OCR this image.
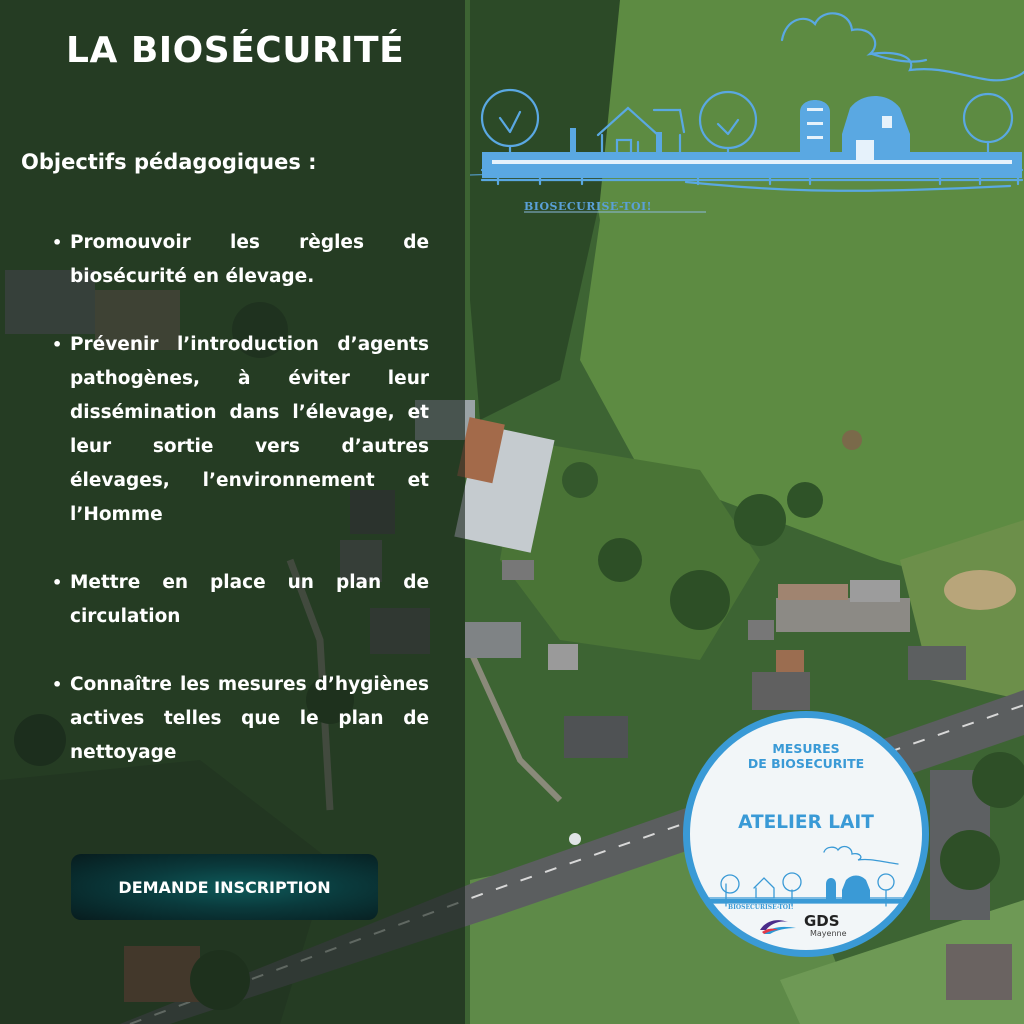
LA BIOSÉCURITÉ
Objectifs pédagogiques :
• Promouvoir les règles de biosécurité en élevage.
• Prévenir l’introduction d’agents pathogènes, à éviter leur dissémination dans l’élevage, et leur sortie vers d’autres élevages, l’environnement et l’Homme
• Mettre en place un plan de circulation
• Connaître les mesures d’hygiènes actives telles que le plan de nettoyage
DEMANDE INSCRIPTION
BIOSECURISE-TOI!
MESURES
DE BIOSECURITE
ATELIER LAIT
BIOSECURISE-TOI!
GDS
Mayenne
